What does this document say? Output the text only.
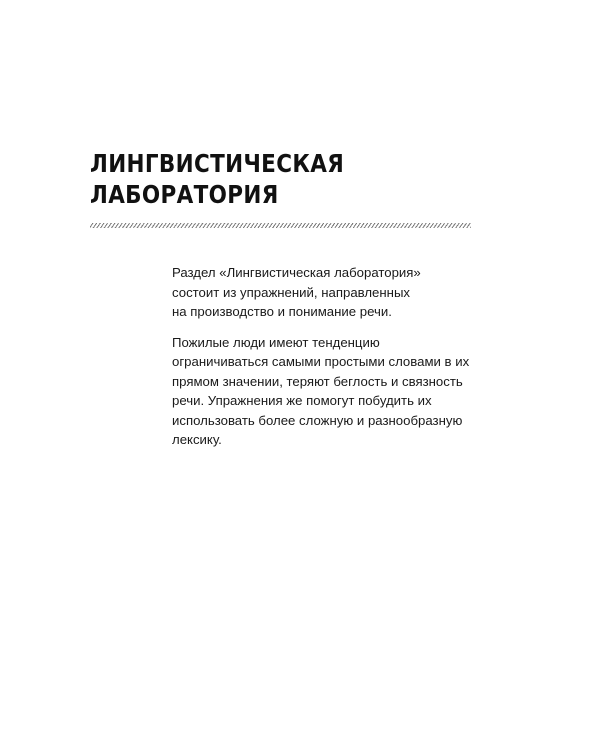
ЛИНГВИСТИЧЕСКАЯ
ЛАБОРАТОРИЯ

Раздел «Лингвистическая лаборатория»
состоит из упражнений, направленных
на производство и понимание речи.

Пожилые люди имеют тенденцию
ограничиваться самыми простыми словами в их
прямом значении, теряют беглость и связность
речи. Упражнения же помогут побудить их
использовать более сложную и разнообразную
лексику.
